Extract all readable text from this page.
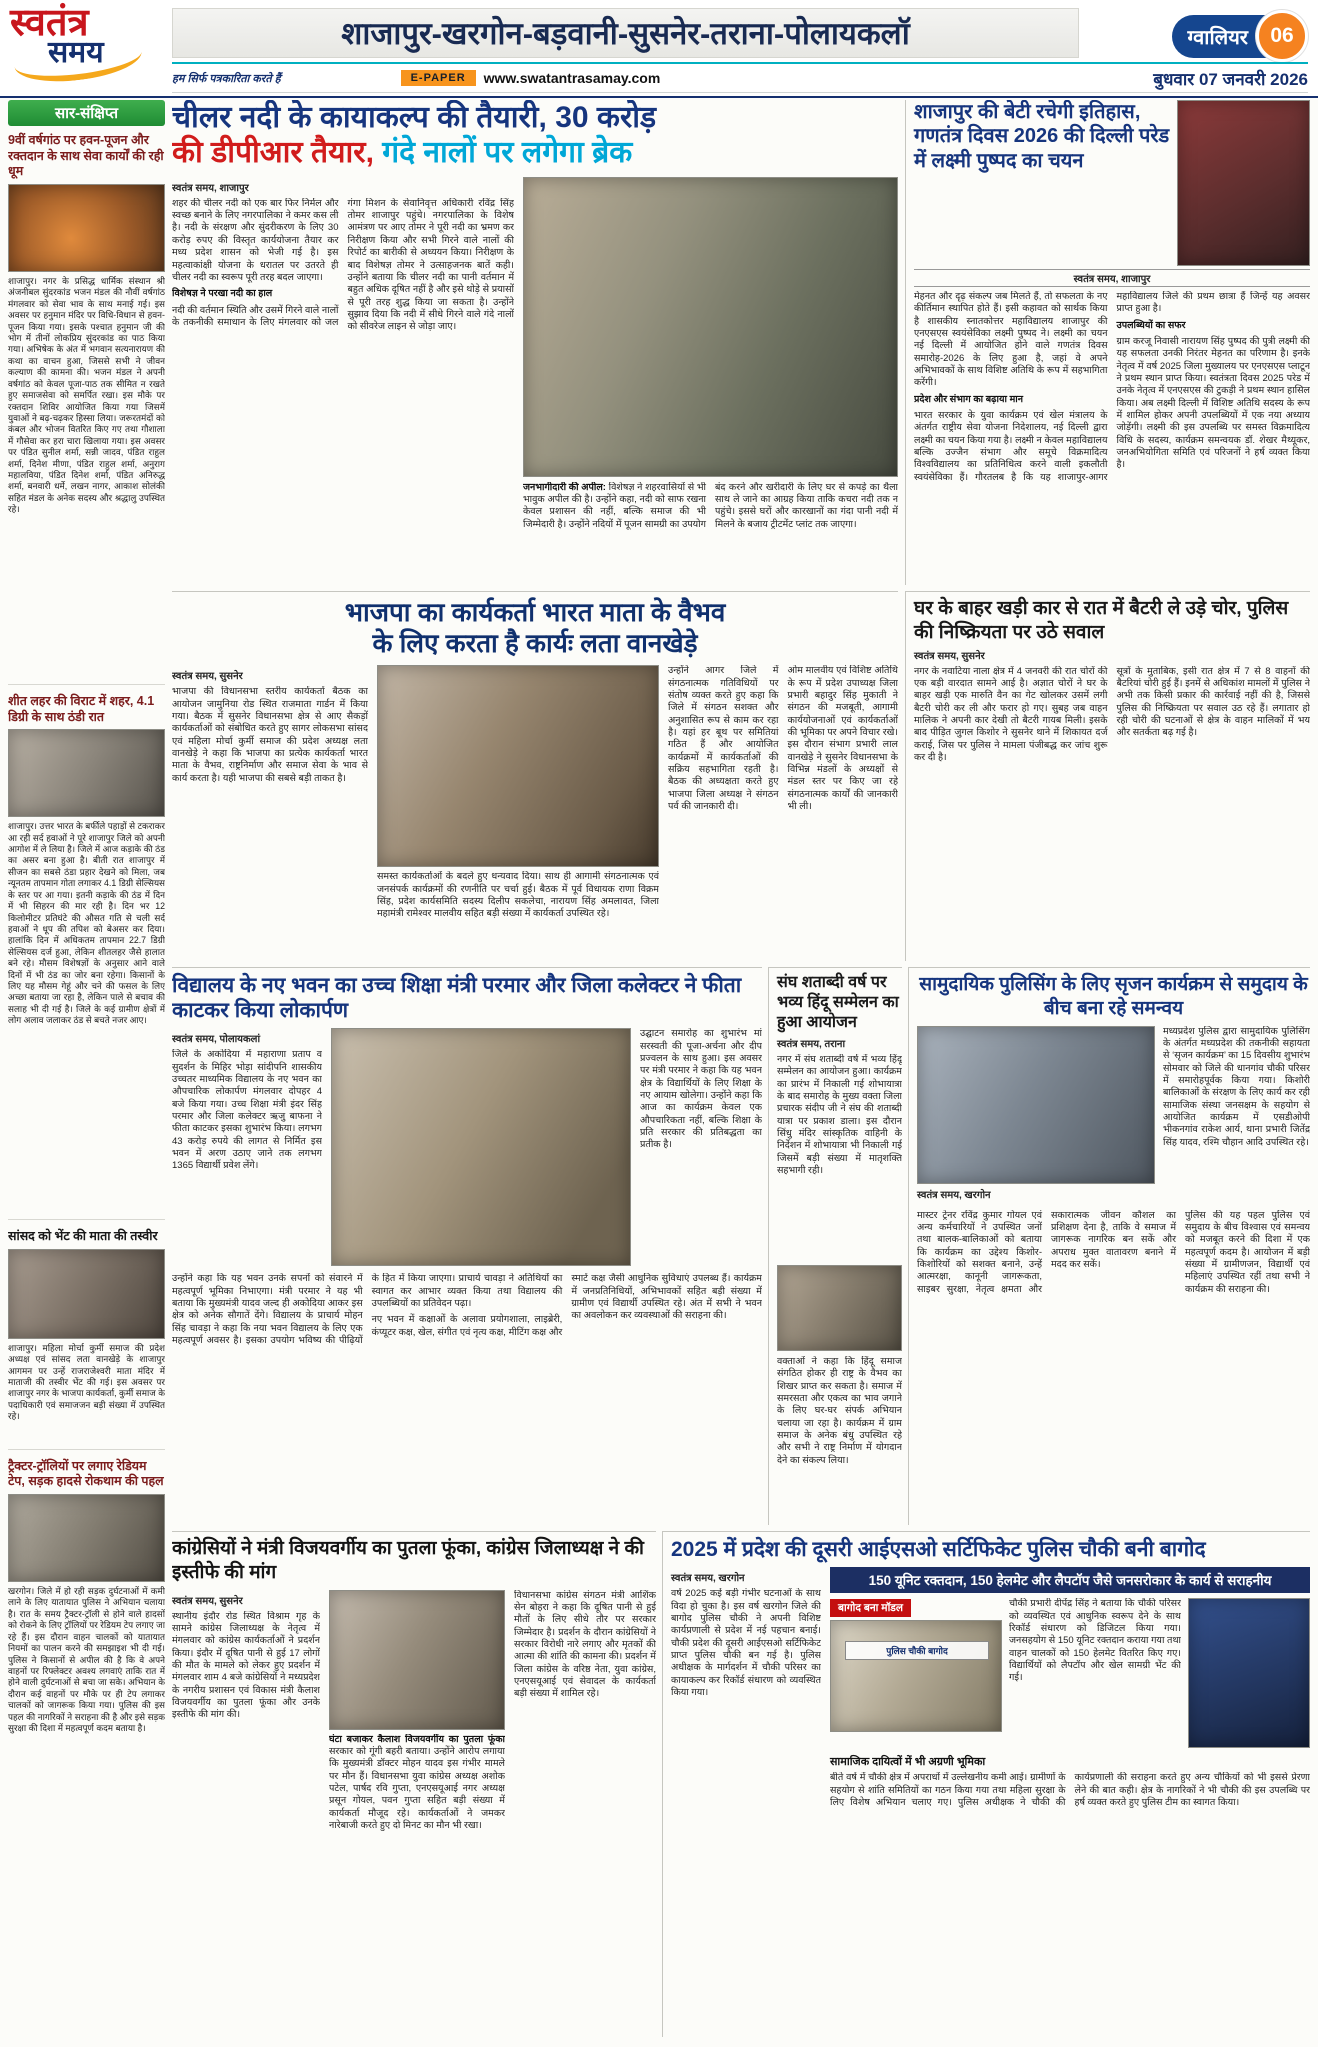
स्वतंत्र
समय
शाजापुर-खरगोन-बड़वानी-सुसनेर-तराना-पोलायकलॉ	ग्वालियर	06
हम सिर्फ पत्रकारिता करते हैं	E-PAPER	www.swatantrasamay.com	बुधवार 07 जनवरी 2026
सार-संक्षिप्त
9वीं वर्षगांठ पर हवन-पूजन और रक्तदान के साथ सेवा कार्यों की रही धूम

शाजापुर। नगर के प्रसिद्ध धार्मिक संस्थान श्री अंजनीबल सुंदरकांड भजन मंडल की नौवीं वर्षगांठ मंगलवार को सेवा भाव के साथ मनाई गई। इस अवसर पर हनुमान मंदिर पर विधि-विधान से हवन-पूजन किया गया। इसके पश्चात हनुमान जी की भोग में तीनों लोकप्रिय सुंदरकांड का पाठ किया गया। अभिषेक के अंत में भगवान सत्यनारायण की कथा का वाचन हुआ, जिससे सभी ने जीवन कल्याण की कामना की। भजन मंडल ने अपनी वर्षगांठ को केवल पूजा-पाठ तक सीमित न रखते हुए समाजसेवा को समर्पित रखा। इस मौके पर रक्तदान शिविर आयोजित किया गया जिसमें युवाओं ने बढ़-चढ़कर हिस्सा लिया। जरूरतमंदों को कंबल और भोजन वितरित किए गए तथा गौशाला में गौसेवा कर हरा चारा खिलाया गया। इस अवसर पर पंडित सुनील शर्मा, सन्नी जादव, पंडित राहुल शर्मा, दिनेश मीणा, पंडित राहुल शर्मा, अनुराग महालविया, पंडित दिनेश शर्मा, पंडित अनिरुद्ध शर्मा, बनवारी धर्मे, लखन नागर, आकाश सोलंकी सहित मंडल के अनेक सदस्य और श्रद्धालु उपस्थित रहे।

शीत लहर की विराट में शहर, 4.1 डिग्री के साथ ठंडी रात

शाजापुर। उत्तर भारत के बर्फीले पहाड़ों से टकराकर आ रही सर्द हवाओं ने पूरे शाजापुर जिले को अपनी आगोश में ले लिया है। जिले में आज कड़ाके की ठंड का असर बना हुआ है। बीती रात शाजापुर में सीजन का सबसे ठंडा प्रहार देखने को मिला, जब न्यूनतम तापमान गोता लगाकर 4.1 डिग्री सेल्सियस के स्तर पर आ गया। इतनी कड़ाके की ठंड में दिन में भी सिहरन की मार रही है। दिन भर 12 किलोमीटर प्रतिघंटे की औसत गति से चली सर्द हवाओं ने धूप की तपिश को बेअसर कर दिया। हालांकि दिन में अधिकतम तापमान 22.7 डिग्री सेल्सियस दर्ज हुआ, लेकिन शीतलहर जैसे हालात बने रहे। मौसम विशेषज्ञों के अनुसार आने वाले दिनों में भी ठंड का जोर बना रहेगा। किसानों के लिए यह मौसम गेहूं और चने की फसल के लिए अच्छा बताया जा रहा है, लेकिन पाले से बचाव की सलाह भी दी गई है। जिले के कई ग्रामीण क्षेत्रों में लोग अलाव जलाकर ठंड से बचते नजर आए।

सांसद को भेंट की माता की तस्वीर

शाजापुर। महिला मोर्चा कुर्मी समाज की प्रदेश अध्यक्ष एवं सांसद लता वानखेड़े के शाजापुर आगमन पर उन्हें राजराजेश्वरी माता मंदिर में माताजी की तस्वीर भेंट की गई। इस अवसर पर शाजापुर नगर के भाजपा कार्यकर्ता, कुर्मी समाज के पदाधिकारी एवं समाजजन बड़ी संख्या में उपस्थित रहे।

ट्रैक्टर-ट्रॉलियों पर लगाए रेडियम टेप, सड़क हादसे रोकथाम की पहल

खरगोन। जिले में हो रही सड़क दुर्घटनाओं में कमी लाने के लिए यातायात पुलिस ने अभियान चलाया है। रात के समय ट्रैक्टर-ट्रॉली से होने वाले हादसों को रोकने के लिए ट्रॉलियों पर रेडियम टेप लगाए जा रहे हैं। इस दौरान वाहन चालकों को यातायात नियमों का पालन करने की समझाइश भी दी गई। पुलिस ने किसानों से अपील की है कि वे अपने वाहनों पर रिफ्लेक्टर अवश्य लगवाएं ताकि रात में होने वाली दुर्घटनाओं से बचा जा सके। अभियान के दौरान कई वाहनों पर मौके पर ही टेप लगाकर चालकों को जागरूक किया गया। पुलिस की इस पहल की नागरिकों ने सराहना की है और इसे सड़क सुरक्षा की दिशा में महत्वपूर्ण कदम बताया है।

चीलर नदी के कायाकल्प की तैयारी, 30 करोड़
की डीपीआर तैयार, गंदे नालों पर लगेगा ब्रेक
स्वतंत्र समय, शाजापुर

शहर की चीलर नदी को एक बार फिर निर्मल और स्वच्छ बनाने के लिए नगरपालिका ने कमर कस ली है। नदी के संरक्षण और सुंदरीकरण के लिए 30 करोड़ रुपए की विस्तृत कार्ययोजना तैयार कर मध्य प्रदेश शासन को भेजी गई है। इस महत्वाकांक्षी योजना के धरातल पर उतरते ही चीलर नदी का स्वरूप पूरी तरह बदल जाएगा।

विशेषज्ञ ने परखा नदी का हाल

नदी की वर्तमान स्थिति और उसमें गिरने वाले नालों के तकनीकी समाधान के लिए मंगलवार को जल गंगा मिशन के सेवानिवृत्त अधिकारी रविंद्र सिंह तोमर शाजापुर पहुंचे। नगरपालिका के विशेष आमंत्रण पर आए तोमर ने पूरी नदी का भ्रमण कर निरीक्षण किया और सभी गिरने वाले नालों की रिपोर्ट का बारीकी से अध्ययन किया। निरीक्षण के बाद विशेषज्ञ तोमर ने उत्साहजनक बातें कही। उन्होंने बताया कि चीलर नदी का पानी वर्तमान में बहुत अधिक दूषित नहीं है और इसे थोड़े से प्रयासों से पूरी तरह शुद्ध किया जा सकता है। उन्होंने सुझाव दिया कि नदी में सीधे गिरने वाले गंदे नालों को सीवरेज लाइन से जोड़ा जाए।

जनभागीदारी की अपील: विशेषज्ञ ने शहरवासियों से भी भावुक अपील की है। उन्होंने कहा, नदी को साफ रखना केवल प्रशासन की नहीं, बल्कि समाज की भी जिम्मेदारी है। उन्होंने नदियों में पूजन सामग्री का उपयोग बंद करने और खरीदारी के लिए घर से कपड़े का थैला साथ ले जाने का आग्रह किया ताकि कचरा नदी तक न पहुंचे। इससे घरों और कारखानों का गंदा पानी नदी में मिलने के बजाय ट्रीटमेंट प्लांट तक जाएगा।
शाजापुर की बेटी रचेगी इतिहास, गणतंत्र दिवस 2026 की दिल्ली परेड में लक्ष्मी पुष्पद का चयन
स्वतंत्र समय, शाजापुर

मेहनत और दृढ़ संकल्प जब मिलते हैं, तो सफलता के नए कीर्तिमान स्थापित होते हैं। इसी कहावत को सार्थक किया है शासकीय स्नातकोत्तर महाविद्यालय शाजापुर की एनएसएस स्वयंसेविका लक्ष्मी पुष्पद ने। लक्ष्मी का चयन नई दिल्ली में आयोजित होने वाले गणतंत्र दिवस समारोह-2026 के लिए हुआ है, जहां वे अपने अभिभावकों के साथ विशिष्ट अतिथि के रूप में सहभागिता करेंगी।

प्रदेश और संभाग का बढ़ाया मान

भारत सरकार के युवा कार्यक्रम एवं खेल मंत्रालय के अंतर्गत राष्ट्रीय सेवा योजना निदेशालय, नई दिल्ली द्वारा लक्ष्मी का चयन किया गया है। लक्ष्मी न केवल महाविद्यालय बल्कि उज्जैन संभाग और समूचे विक्रमादित्य विश्वविद्यालय का प्रतिनिधित्व करने वाली इकलौती स्वयंसेविका हैं। गौरतलब है कि यह शाजापुर-आगर महाविद्यालय जिले की प्रथम छात्रा हैं जिन्हें यह अवसर प्राप्त हुआ है।

उपलब्धियों का सफर

ग्राम करजू निवासी नारायण सिंह पुष्पद की पुत्री लक्ष्मी की यह सफलता उनकी निरंतर मेहनत का परिणाम है। इनके नेतृत्व में वर्ष 2025 जिला मुख्यालय पर एनएसएस प्लाटून ने प्रथम स्थान प्राप्त किया। स्वतंत्रता दिवस 2025 परेड में उनके नेतृत्व में एनएसएस की टुकड़ी ने प्रथम स्थान हासिल किया। अब लक्ष्मी दिल्ली में विशिष्ट अतिथि सदस्य के रूप में शामिल होकर अपनी उपलब्धियों में एक नया अध्याय जोड़ेंगी। लक्ष्मी की इस उपलब्धि पर समस्त विक्रमादित्य विधि के सदस्य, कार्यक्रम समन्वयक डॉ. शेखर मैथ्यूकर, जनअभियोगिता समिति एवं परिजनों ने हर्ष व्यक्त किया है।

भाजपा का कार्यकर्ता भारत माता के वैभव
के लिए करता है कार्यः लता वानखेड़े
स्वतंत्र समय, सुसनेर

भाजपा की विधानसभा स्तरीय कार्यकर्ता बैठक का आयोजन जामुनिया रोड स्थित राजमाता गार्डन में किया गया। बैठक में सुसनेर विधानसभा क्षेत्र से आए सैकड़ों कार्यकर्ताओं को संबोधित करते हुए सागर लोकसभा सांसद एवं महिला मोर्चा कुर्मी समाज की प्रदेश अध्यक्ष लता वानखेड़े ने कहा कि भाजपा का प्रत्येक कार्यकर्ता भारत माता के वैभव, राष्ट्रनिर्माण और समाज सेवा के भाव से कार्य करता है। यही भाजपा की सबसे बड़ी ताकत है।

समस्त कार्यकर्ताओं के बदले हुए धन्यवाद दिया। साथ ही आगामी संगठनात्मक एवं जनसंपर्क कार्यक्रमों की रणनीति पर चर्चा हुई। बैठक में पूर्व विधायक राणा विक्रम सिंह, प्रदेश कार्यसमिति सदस्य दिलीप सकलेचा, नारायण सिंह अमलावत, जिला महामंत्री रामेश्वर मालवीय सहित बड़ी संख्या में कार्यकर्ता उपस्थित रहे।

उन्होंने आगर जिले में संगठनात्मक गतिविधियों पर संतोष व्यक्त करते हुए कहा कि जिले में संगठन सशक्त और अनुशासित रूप से काम कर रहा है। यहां हर बूथ पर समितियां गठित हैं और आयोजित कार्यक्रमों में कार्यकर्ताओं की सक्रिय सहभागिता रहती है। बैठक की अध्यक्षता करते हुए भाजपा जिला अध्यक्ष ने संगठन पर्व की जानकारी दी।

ओम मालवीय एवं विशिष्ट अतिथि के रूप में प्रदेश उपाध्यक्ष जिला प्रभारी बहादुर सिंह मुकाती ने संगठन की मजबूती, आगामी कार्ययोजनाओं एवं कार्यकर्ताओं की भूमिका पर अपने विचार रखे। इस दौरान संभाग प्रभारी लाल वानखेड़े ने सुसनेर विधानसभा के विभिन्न मंडलों के अध्यक्षों से मंडल स्तर पर किए जा रहे संगठनात्मक कार्यों की जानकारी भी ली।

घर के बाहर खड़ी कार से रात में बैटरी ले उड़े चोर, पुलिस की निष्क्रियता पर उठे सवाल
स्वतंत्र समय, सुसनेर

नगर के नवाटिया नाला क्षेत्र में 4 जनवरी की रात चोरों की एक बड़ी वारदात सामने आई है। अज्ञात चोरों ने घर के बाहर खड़ी एक मारुति वैन का गेट खोलकर उसमें लगी बैटरी चोरी कर ली और फरार हो गए। सुबह जब वाहन मालिक ने अपनी कार देखी तो बैटरी गायब मिली। इसके बाद पीड़ित जुगल किशोर ने सुसनेर थाने में शिकायत दर्ज कराई, जिस पर पुलिस ने मामला पंजीबद्ध कर जांच शुरू कर दी है।

सूत्रों के मुताबिक, इसी रात क्षेत्र में 7 से 8 वाहनों की बैटरियां चोरी हुई हैं। इनमें से अधिकांश मामलों में पुलिस ने अभी तक किसी प्रकार की कार्रवाई नहीं की है, जिससे पुलिस की निष्क्रियता पर सवाल उठ रहे हैं। लगातार हो रही चोरी की घटनाओं से क्षेत्र के वाहन मालिकों में भय और सतर्कता बढ़ गई है।

विद्यालय के नए भवन का उच्च शिक्षा मंत्री परमार और जिला कलेक्टर ने फीता काटकर किया लोकार्पण
स्वतंत्र समय, पोलायकलां

जिले के अकोदिया में महाराणा प्रताप व सुदर्शन के मिहिर भोड़ा सांदीपनि शासकीय उच्चतर माध्यमिक विद्यालय के नए भवन का औपचारिक लोकार्पण मंगलवार दोपहर 4 बजे किया गया। उच्च शिक्षा मंत्री इंदर सिंह परमार और जिला कलेक्टर ऋजु बाफना ने फीता काटकर इसका शुभारंभ किया। लगभग 43 करोड़ रुपये की लागत से निर्मित इस भवन में अरण उठाए जाने तक लगभग 1365 विद्यार्थी प्रवेश लेंगे।

उद्घाटन समारोह का शुभारंभ मां सरस्वती की पूजा-अर्चना और दीप प्रज्वलन के साथ हुआ। इस अवसर पर मंत्री परमार ने कहा कि यह भवन क्षेत्र के विद्यार्थियों के लिए शिक्षा के नए आयाम खोलेगा। उन्होंने कहा कि आज का कार्यक्रम केवल एक औपचारिकता नहीं, बल्कि शिक्षा के प्रति सरकार की प्रतिबद्धता का प्रतीक है।

उन्होंने कहा कि यह भवन उनके सपनों को संवारने में महत्वपूर्ण भूमिका निभाएगा। मंत्री परमार ने यह भी बताया कि मुख्यमंत्री यादव जल्द ही अकोदिया आकर इस क्षेत्र को अनेक सौगातें देंगे। विद्यालय के प्राचार्य मोहन सिंह चावड़ा ने कहा कि नया भवन विद्यालय के लिए एक महत्वपूर्ण अवसर है। इसका उपयोग भविष्य की पीढ़ियों के हित में किया जाएगा। प्राचार्य चावड़ा ने अतिथियों का स्वागत कर आभार व्यक्त किया तथा विद्यालय की उपलब्धियों का प्रतिवेदन पढ़ा।

नए भवन में कक्षाओं के अलावा प्रयोगशाला, लाइब्रेरी, कंप्यूटर कक्ष, खेल, संगीत एवं नृत्य कक्ष, मीटिंग कक्ष और स्मार्ट कक्ष जैसी आधुनिक सुविधाएं उपलब्ध हैं। कार्यक्रम में जनप्रतिनिधियों, अभिभावकों सहित बड़ी संख्या में ग्रामीण एवं विद्यार्थी उपस्थित रहे। अंत में सभी ने भवन का अवलोकन कर व्यवस्थाओं की सराहना की।

संघ शताब्दी वर्ष पर भव्य हिंदू सम्मेलन का हुआ आयोजन
स्वतंत्र समय, तराना

नगर में संघ शताब्दी वर्ष में भव्य हिंदू सम्मेलन का आयोजन हुआ। कार्यक्रम का प्रारंभ में निकाली गई शोभायात्रा के बाद समारोह के मुख्य वक्ता जिला प्रचारक संदीप जी ने संघ की शताब्दी यात्रा पर प्रकाश डाला। इस दौरान सिंधु मंदिर सांस्कृतिक वाहिनी के निर्देशन में शोभायात्रा भी निकाली गई जिसमें बड़ी संख्या में मातृशक्ति सहभागी रही।

वक्ताओं ने कहा कि हिंदू समाज संगठित होकर ही राष्ट्र के वैभव का शिखर प्राप्त कर सकता है। समाज में समरसता और एकत्व का भाव जगाने के लिए घर-घर संपर्क अभियान चलाया जा रहा है। कार्यक्रम में ग्राम समाज के अनेक बंधु उपस्थित रहे और सभी ने राष्ट्र निर्माण में योगदान देने का संकल्प लिया।

सामुदायिक पुलिसिंग के लिए सृजन कार्यक्रम से समुदाय के बीच बना रहे समन्वय
स्वतंत्र समय, खरगोन

मध्यप्रदेश पुलिस द्वारा सामुदायिक पुलिसिंग के अंतर्गत मध्यप्रदेश की तकनीकी सहायता से ‘सृजन कार्यक्रम’ का 15 दिवसीय शुभारंभ सोमवार को जिले की धानगांव चौकी परिसर में समारोहपूर्वक किया गया। किशोरी बालिकाओं के संरक्षण के लिए कार्य कर रही सामाजिक संस्था जनसक्षम के सहयोग से आयोजित कार्यक्रम में एसडीओपी भीकनगांव राकेश आर्य, थाना प्रभारी जितेंद्र सिंह यादव, रश्मि चौहान आदि उपस्थित रहे।

मास्टर ट्रेनर रविंद्र कुमार गोयल एवं अन्य कर्मचारियों ने उपस्थित जनों तथा बालक-बालिकाओं को बताया कि कार्यक्रम का उद्देश्य किशोर-किशोरियों को सशक्त बनाने, उन्हें आत्मरक्षा, कानूनी जागरूकता, साइबर सुरक्षा, नेतृत्व क्षमता और सकारात्मक जीवन कौशल का प्रशिक्षण देना है, ताकि वे समाज में जागरूक नागरिक बन सकें और अपराध मुक्त वातावरण बनाने में मदद कर सकें।

पुलिस की यह पहल पुलिस एवं समुदाय के बीच विश्वास एवं समन्वय को मजबूत करने की दिशा में एक महत्वपूर्ण कदम है। आयोजन में बड़ी संख्या में ग्रामीणजन, विद्यार्थी एवं महिलाएं उपस्थित रहीं तथा सभी ने कार्यक्रम की सराहना की।

कांग्रेसियों ने मंत्री विजयवर्गीय का पुतला फूंका, कांग्रेस जिलाध्यक्ष ने की इस्तीफे की मांग
स्वतंत्र समय, सुसनेर

स्थानीय इंदौर रोड स्थित विश्राम गृह के सामने कांग्रेस जिलाध्यक्ष के नेतृत्व में मंगलवार को कांग्रेस कार्यकर्ताओं ने प्रदर्शन किया। इंदौर में दूषित पानी से हुई 17 लोगों की मौत के मामले को लेकर हुए प्रदर्शन में मंगलवार शाम 4 बजे कांग्रेसियों ने मध्यप्रदेश के नगरीय प्रशासन एवं विकास मंत्री कैलाश विजयवर्गीय का पुतला फूंका और उनके इस्तीफे की मांग की।

घंटा बजाकर कैलाश विजयवर्गीय का पुतला फूंका सरकार को गूंगी बहरी बताया। उन्होंने आरोप लगाया कि मुख्यमंत्री डॉक्टर मोहन यादव इस गंभीर मामले पर मौन हैं। विधानसभा युवा कांग्रेस अध्यक्ष अशोक पटेल, पार्षद रवि गुप्ता, एनएसयूआई नगर अध्यक्ष प्रसून गोयल, पवन गुप्ता सहित बड़ी संख्या में कार्यकर्ता मौजूद रहे। कार्यकर्ताओं ने जमकर नारेबाजी करते हुए दो मिनट का मौन भी रखा।

विधानसभा कांग्रेस संगठन मंत्री आशिंक सेन बोहरा ने कहा कि दूषित पानी से हुई मौतों के लिए सीधे तौर पर सरकार जिम्मेदार है। प्रदर्शन के दौरान कांग्रेसियों ने सरकार विरोधी नारे लगाए और मृतकों की आत्मा की शांति की कामना की। प्रदर्शन में जिला कांग्रेस के वरिष्ठ नेता, युवा कांग्रेस, एनएसयूआई एवं सेवादल के कार्यकर्ता बड़ी संख्या में शामिल रहे।

2025 में प्रदेश की दूसरी आईएसओ सर्टिफिकेट पुलिस चौकी बनी बागोद
स्वतंत्र समय, खरगोन

वर्ष 2025 कई बड़ी गंभीर घटनाओं के साथ विदा हो चुका है। इस वर्ष खरगोन जिले की बागोद पुलिस चौकी ने अपनी विशिष्ट कार्यप्रणाली से प्रदेश में नई पहचान बनाई। चौकी प्रदेश की दूसरी आईएसओ सर्टिफिकेट प्राप्त पुलिस चौकी बन गई है। पुलिस अधीक्षक के मार्गदर्शन में चौकी परिसर का कायाकल्प कर रिकॉर्ड संधारण को व्यवस्थित किया गया।

150 यूनिट रक्तदान, 150 हेलमेट और लैपटॉप जैसे जनसरोकार के कार्य से सराहनीय
बागोद बना मॉडल
पुलिस चौकी बागोद

चौकी प्रभारी दीपेंद्र सिंह ने बताया कि चौकी परिसर को व्यवस्थित एवं आधुनिक स्वरूप देने के साथ रिकॉर्ड संधारण को डिजिटल किया गया। जनसहयोग से 150 यूनिट रक्तदान कराया गया तथा वाहन चालकों को 150 हेलमेट वितरित किए गए। विद्यार्थियों को लैपटॉप और खेल सामग्री भेंट की गई।

सामाजिक दायित्वों में भी अग्रणी भूमिका

बीते वर्ष में चौकी क्षेत्र में अपराधों में उल्लेखनीय कमी आई। ग्रामीणों के सहयोग से शांति समितियों का गठन किया गया तथा महिला सुरक्षा के लिए विशेष अभियान चलाए गए। पुलिस अधीक्षक ने चौकी की कार्यप्रणाली की सराहना करते हुए अन्य चौकियों को भी इससे प्रेरणा लेने की बात कही। क्षेत्र के नागरिकों ने भी चौकी की इस उपलब्धि पर हर्ष व्यक्त करते हुए पुलिस टीम का स्वागत किया।
